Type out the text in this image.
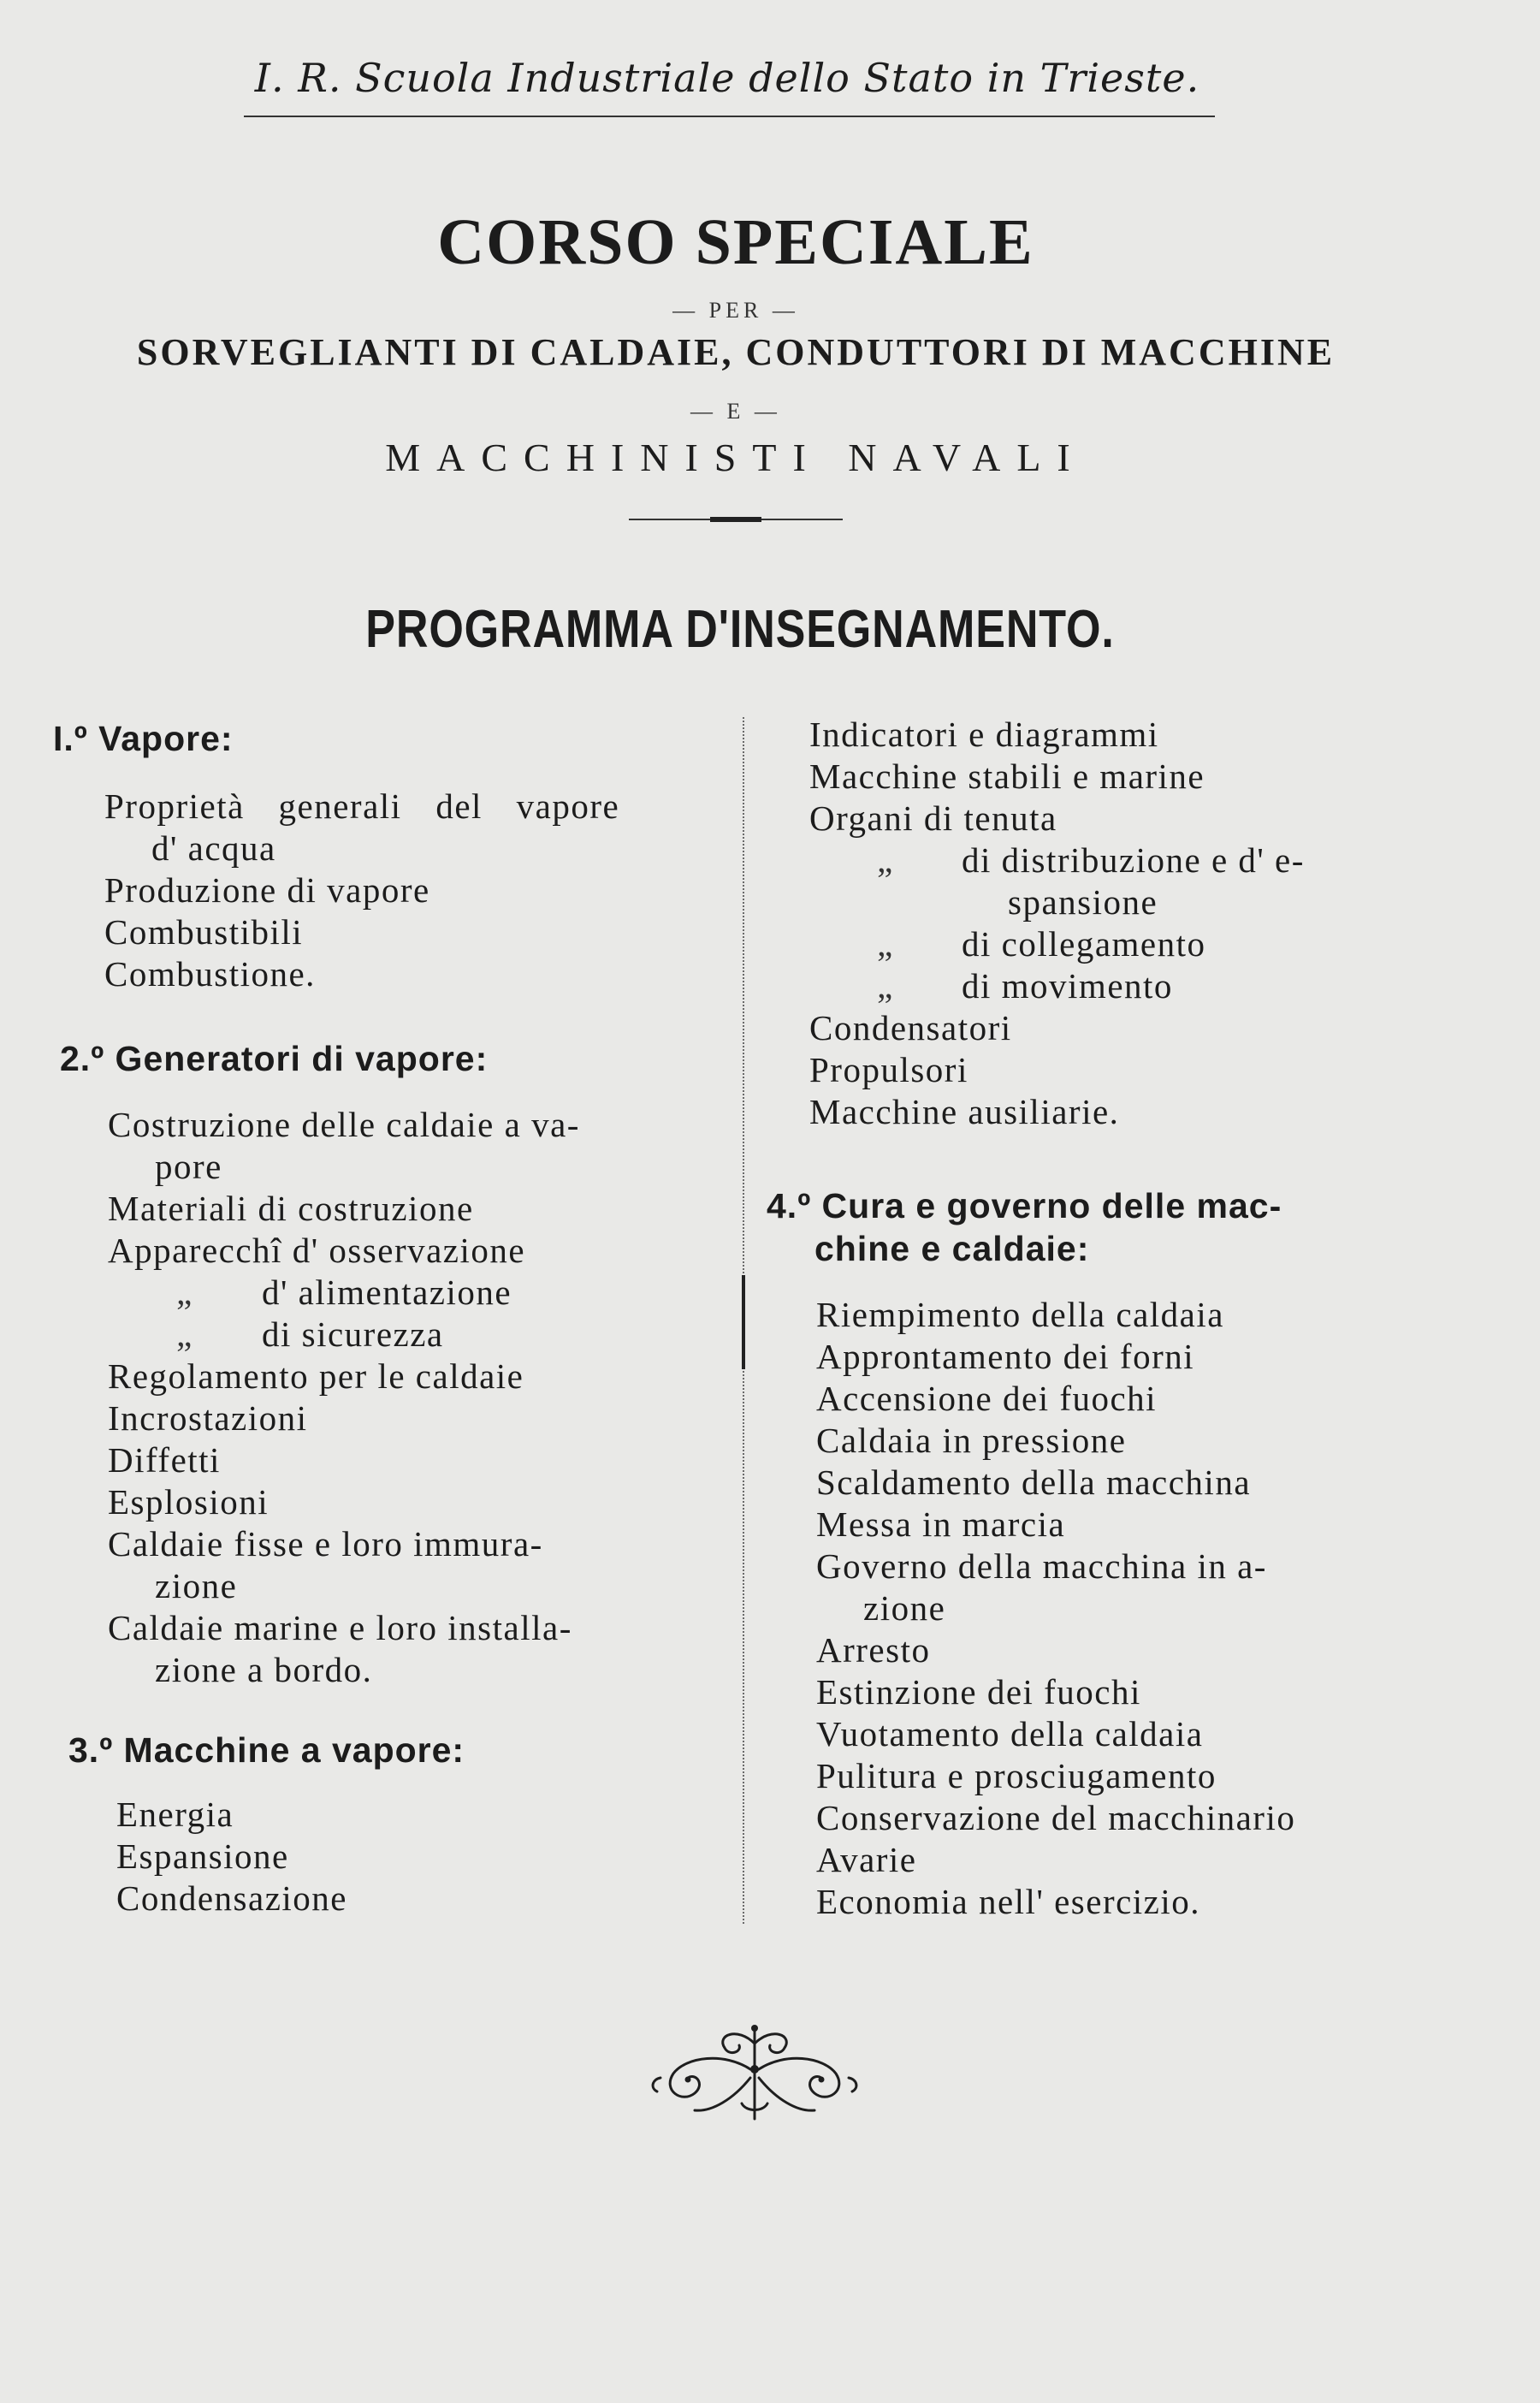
I. R. Scuola Industriale dello Stato in Trieste.
CORSO SPECIALE
— PER —
SORVEGLIANTI DI CALDAIE, CONDUTTORI DI MACCHINE
— E —
MACCHINISTI NAVALI
PROGRAMMA D'INSEGNAMENTO.
I.º Vapore:
Proprietà generali del vapore
d' acqua
Produzione di vapore
Combustibili
Combustione.
2.º Generatori di vapore:
Costruzione delle caldaie a va-
pore
Materiali di costruzione
Apparecchî d' osservazione
„ d' alimentazione
„ di sicurezza
Regolamento per le caldaie
Incrostazioni
Diffetti
Esplosioni
Caldaie fisse e loro immura-
zione
Caldaie marine e loro installa-
zione a bordo.
3.º Macchine a vapore:
Energia
Espansione
Condensazione
Indicatori e diagrammi
Macchine stabili e marine
Organi di tenuta
„ di distribuzione e d' e-
spansione
„ di collegamento
„ di movimento
Condensatori
Propulsori
Macchine ausiliarie.
4.º Cura e governo delle mac-
chine e caldaie:
Riempimento della caldaia
Approntamento dei forni
Accensione dei fuochi
Caldaia in pressione
Scaldamento della macchina
Messa in marcia
Governo della macchina in a-
zione
Arresto
Estinzione dei fuochi
Vuotamento della caldaia
Pulitura e prosciugamento
Conservazione del macchinario
Avarie
Economia nell' esercizio.
